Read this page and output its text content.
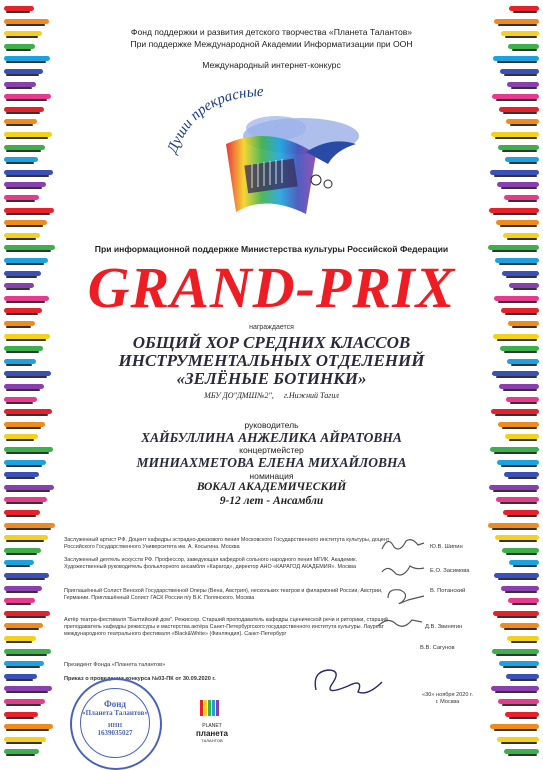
Фонд поддержки и развития детского творчества «Планета Талантов»
При поддержке Международной Академии Информатизации при ООН
Международный интернет-конкурс
Души прекрасные
При информационной поддержке Министерства культуры Российской Федерации
GRAND-PRIX
награждается
ОБЩИЙ ХОР СРЕДНИХ КЛАССОВ
ИНСТРУМЕНТАЛЬНЫХ ОТДЕЛЕНИЙ
«ЗЕЛЁНЫЕ БОТИНКИ»
МБУ ДО"ДМШ№2", г.Нижний Тагил
руководитель
ХАЙБУЛЛИНА АНЖЕЛИКА АЙРАТОВНА
концертмейстер
МИНИАХМЕТОВА ЕЛЕНА МИХАЙЛОВНА
номинация
ВОКАЛ АКАДЕМИЧЕСКИЙ
9-12 лет - Ансамбли
Заслуженный артист РФ. Доцент кафедры эстрадно-джазового пения Московского Государственного института культуры, доцент Российского Государственного Университета им. А. Косыгина. Москва	Ю.В. Шипин
Заслуженный деятель искусств РФ. Профессор, заведующая кафедрой сольного народного пения МГИК. Академик. Художественный руководитель фольклорного ансамбля «Карагод», директор АНО «КАРАГОД АКАДЕМИЯ». Москва
Е.О. Засимова
Приглашённый Солист Венской Государственной Оперы (Вена, Австрия), нескольких театров и филармоний России, Австрии, Германии. Приглашённый Солист ГАСК России п/у В.К. Полянского. Москва
В. Потанский
Актёр театра-фестиваля "Балтийский дом". Режиссер. Старший преподаватель кафедры сценической речи и риторики, старший преподаватель кафедры режиссуры и мастерства актёра Санкт-Петербургского государственного института культуры. Лауреат международного театрального фестиваля «Black&White» (Финляндия). Санкт-Петербург
Д.В. Звинягин
Президент Фонда «Планета талантов»
Приказ о проведении конкурса №03-ПК от 30.09.2020 г.
В.В. Сагунов
«30» ноября 2020 г.
г. Москва
Фонд
«Планета Талантов»
ИНН
1639035027
PLANET
планета
ТАЛАНТОВ
